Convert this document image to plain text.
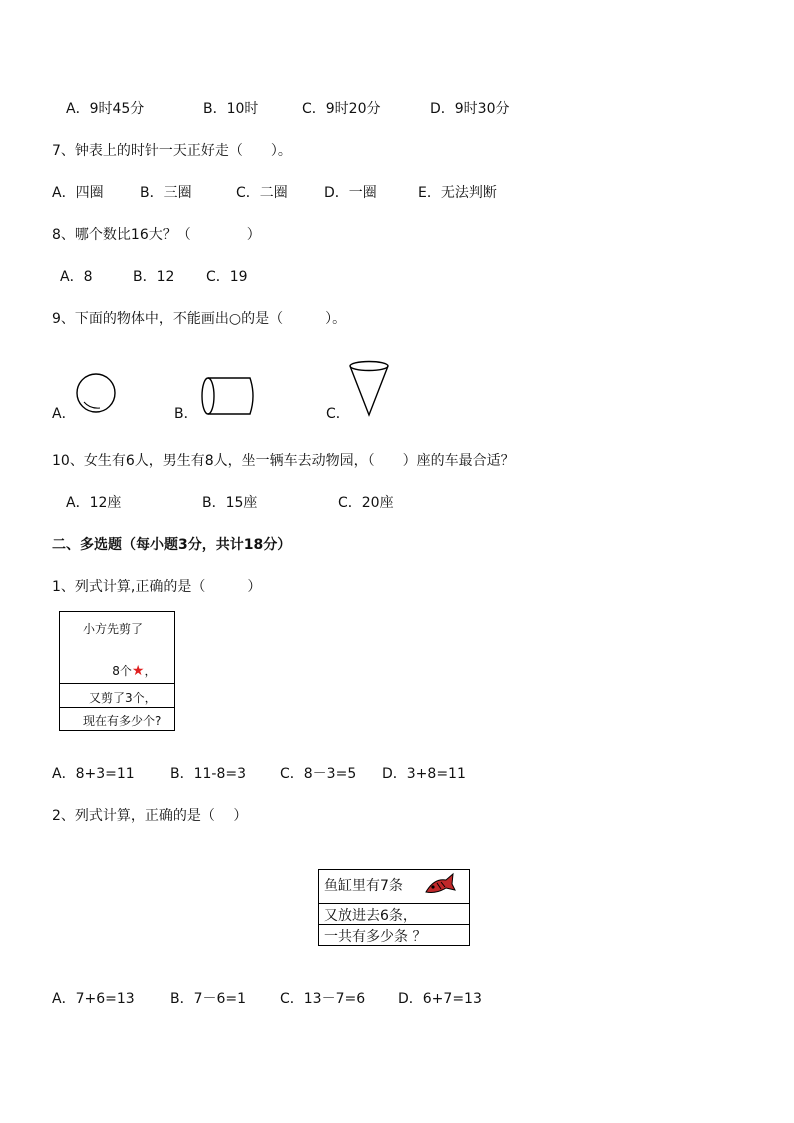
A．9时45分	B．10时	C．9时20分	D．9时30分
7、钟表上的时针一天正好走（　　）。
A．四圈	B．三圈	C．二圈	D．一圈	E．无法判断
8、哪个数比16大？（　　　　）
A．8	B．12 C．19
9、下面的物体中，不能画出○的是（　　　）。
A．	B．	C．
10、女生有6人，男生有8人，坐一辆车去动物园，（　　）座的车最合适？
A．12座	B．15座	C．20座
二、多选题（每小题3分，共计18分）
1、列式计算,正确的是（　　　）
小方先剪了

8个★，

又剪了3个，
现在有多少个?
A．8+3=11	B．11-8=3 C．8－3=5 D．3+8=11
2、列式计算，正确的是（　 ）
鱼缸里有7条
又放进去6条，
一共有多少条 ？
A．7+6=13	B．7－6=1 C．13－7=6 D．6+7=13
